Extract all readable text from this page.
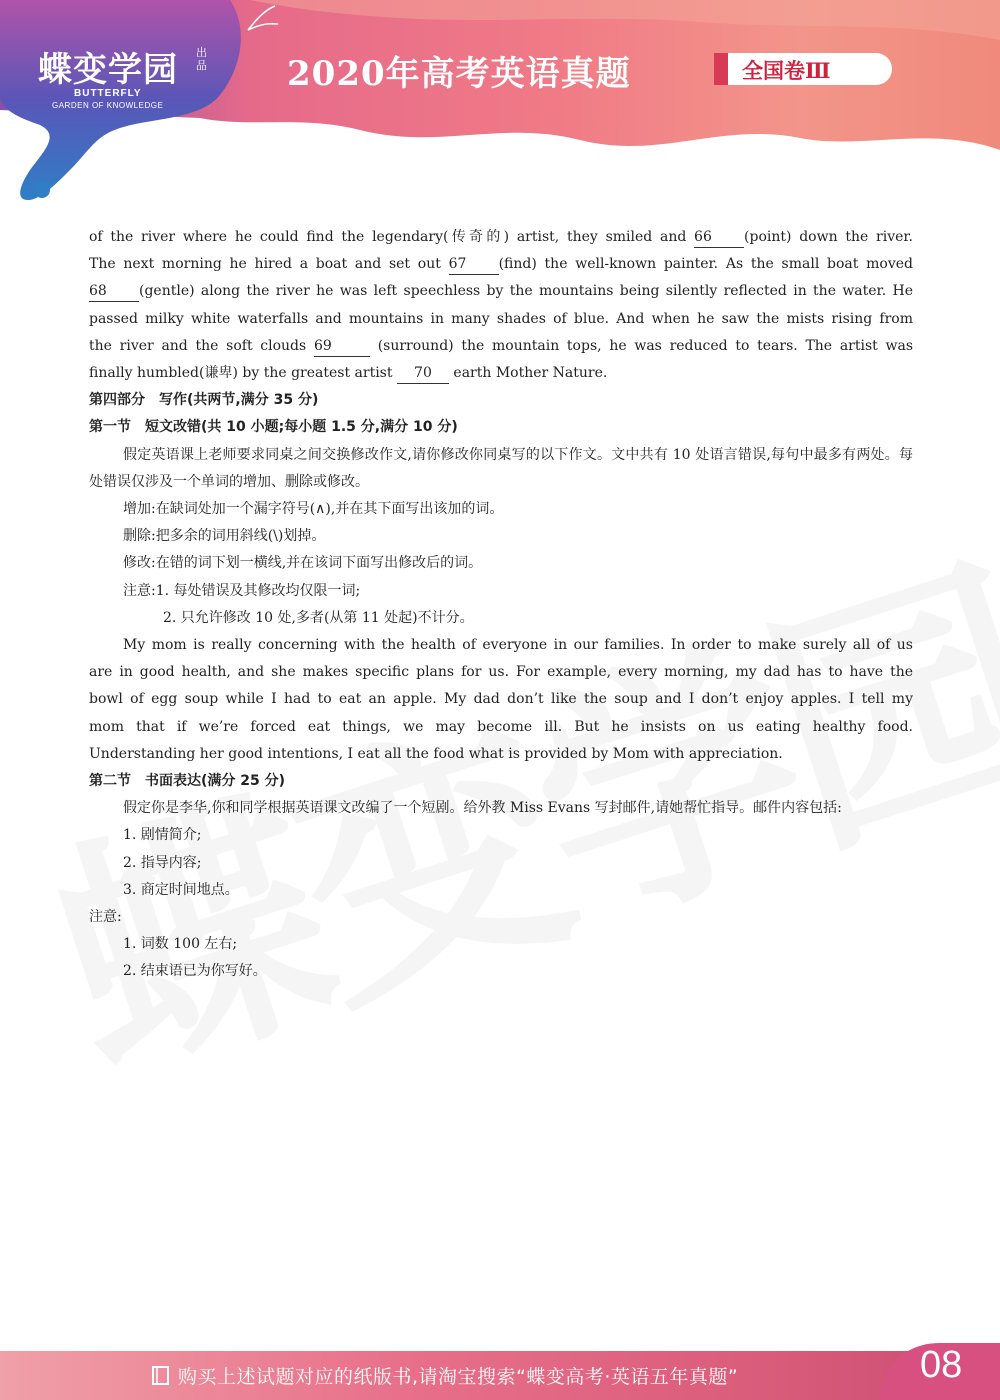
蝶变学园 出品
BUTTERFLY
GARDEN OF KNOWLEDGE
2020年高考英语真题	全国卷Ⅲ

of the river where he could find the legendary(传奇的) artist, they smiled and 66 (point) down the river.

The next morning he hired a boat and set out 67 (find) the well-known painter. As the small boat moved

68 (gentle) along the river he was left speechless by the mountains being silently reflected in the water. He

passed milky white waterfalls and mountains in many shades of blue. And when he saw the mists rising from

the river and the soft clouds 69	(surround) the mountain tops, he was reduced to tears. The artist was

finally humbled(谦卑) by the greatest artist 70 earth Mother Nature.

第四部分　写作(共两节,满分 35 分)

第一节　短文改错(共 10 小题;每小题 1.5 分,满分 10 分)

假定英语课上老师要求同桌之间交换修改作文,请你修改你同桌写的以下作文。文中共有 10 处语言错误,每句中最多有两处。每处错误仅涉及一个单词的增加、删除或修改。

增加:在缺词处加一个漏字符号(∧),并在其下面写出该加的词。

删除:把多余的词用斜线(\)划掉。

修改:在错的词下划一横线,并在该词下面写出修改后的词。

注意:1. 每处错误及其修改均仅限一词;

2. 只允许修改 10 处,多者(从第 11 处起)不计分。

My mom is really concerning with the health of everyone in our families. In order to make surely all of us

are in good health, and she makes specific plans for us. For example, every morning, my dad has to have the

bowl of egg soup while I had to eat an apple. My dad don’t like the soup and I don’t enjoy apples. I tell my

mom that if we’re forced eat things, we may become ill. But he insists on us eating healthy food.

Understanding her good intentions, I eat all the food what is provided by Mom with appreciation.

第二节　书面表达(满分 25 分)

假定你是李华,你和同学根据英语课文改编了一个短剧。给外教 Miss Evans 写封邮件,请她帮忙指导。邮件内容包括:

1. 剧情简介;

2. 指导内容;

3. 商定时间地点。

注意:

1. 词数 100 左右;

2. 结束语已为你写好。

购买上述试题对应的纸版书,请淘宝搜索“蝶变高考·英语五年真题”	08
